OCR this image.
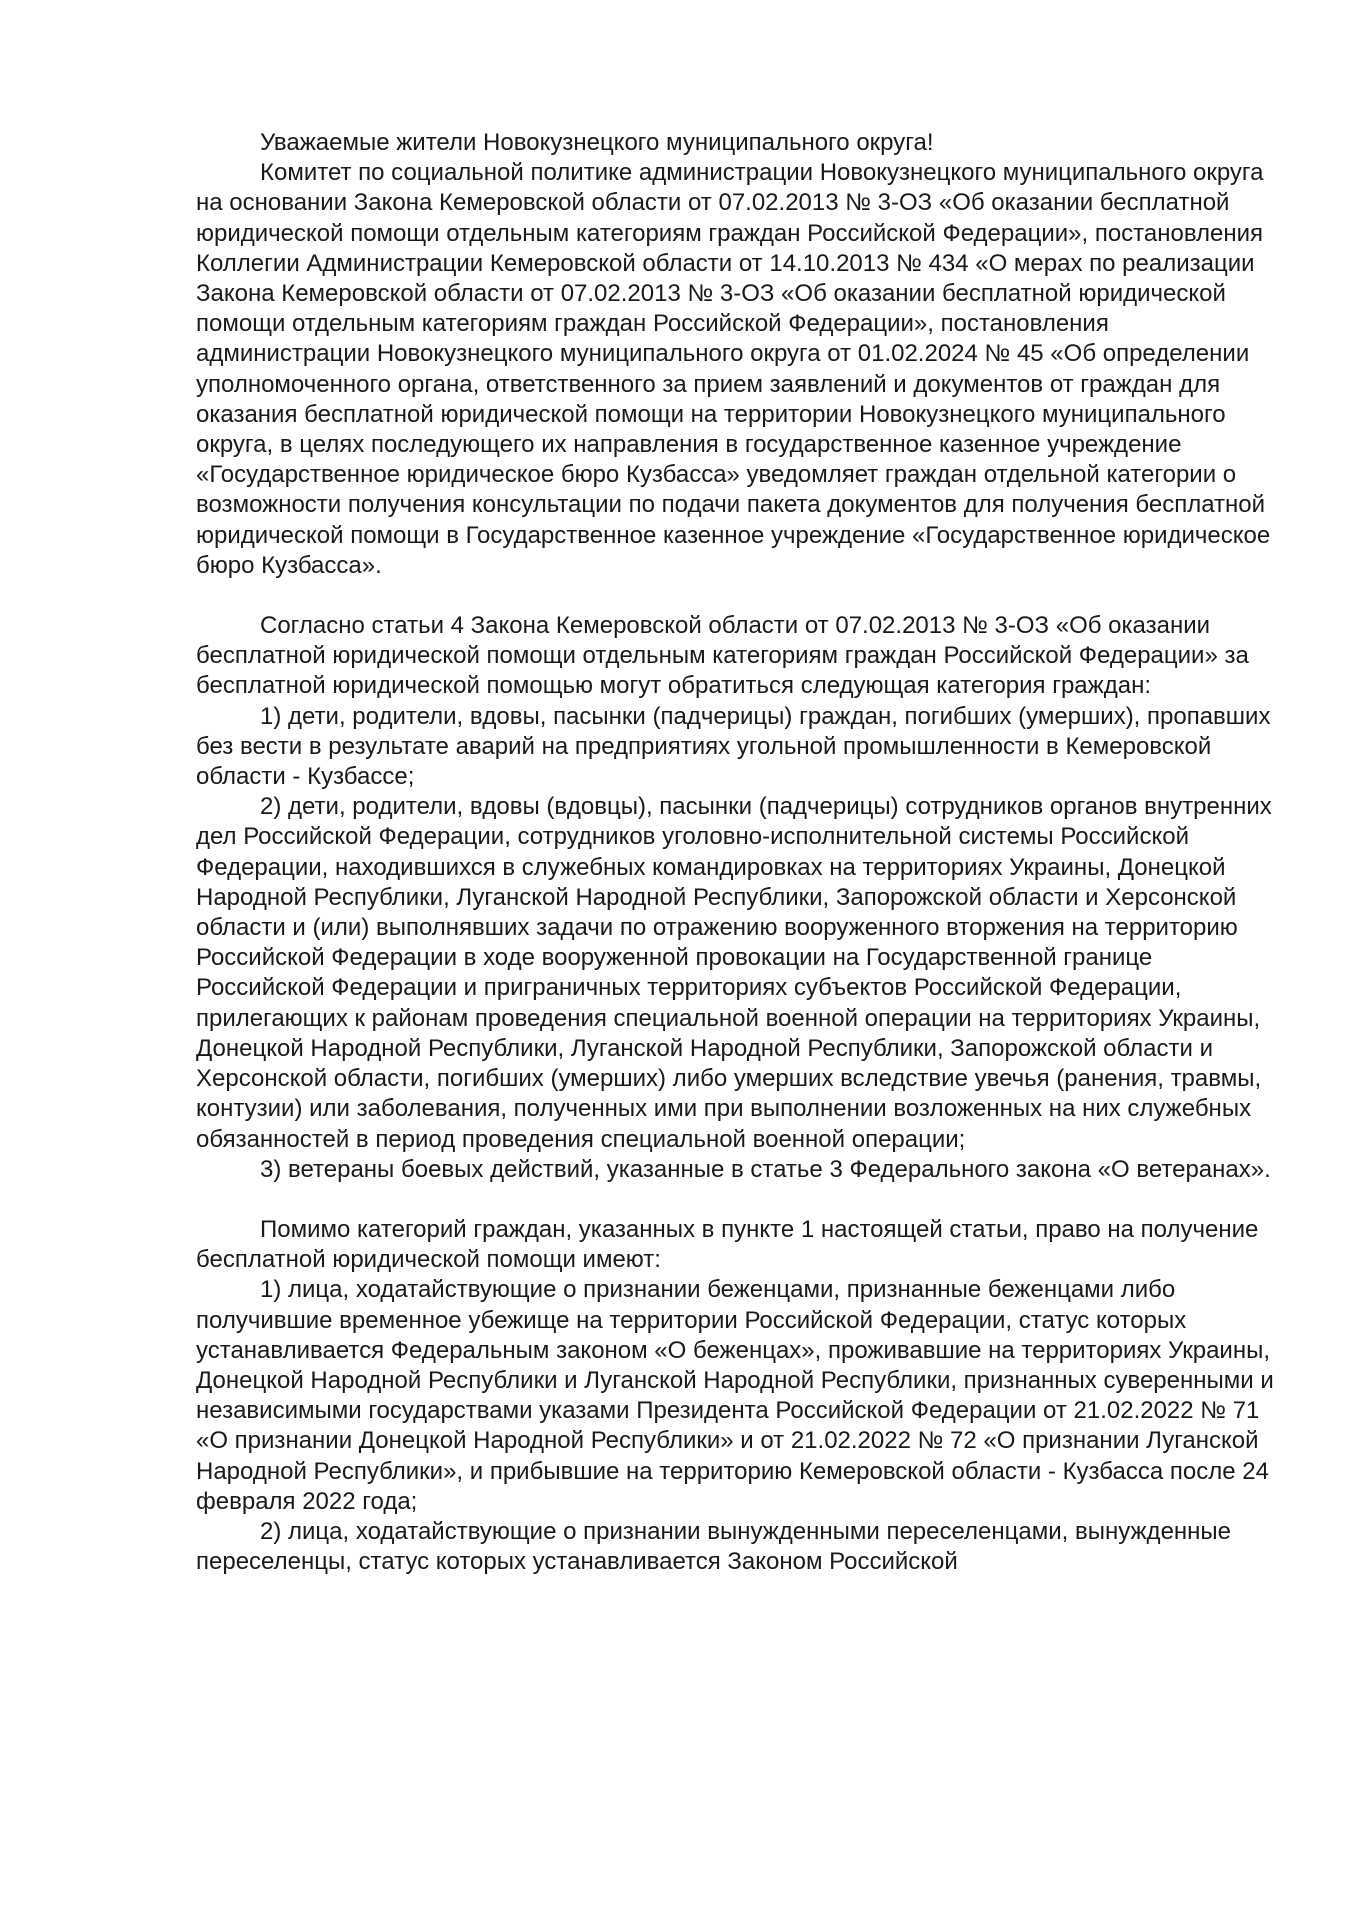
Уважаемые жители Новокузнецкого муниципального округа!

Комитет по социальной политике администрации Новокузнецкого муниципального округа на основании Закона Кемеровской области от 07.02.2013 № 3-ОЗ «Об оказании бесплатной юридической помощи отдельным категориям граждан Российской Федерации», постановления Коллегии Администрации Кемеровской области от 14.10.2013 № 434 «О мерах по реализации Закона Кемеровской области от 07.02.2013 № 3-ОЗ «Об оказании бесплатной юридической помощи отдельным категориям граждан Российской Федерации», постановления администрации Новокузнецкого муниципального округа от 01.02.2024 № 45 «Об определении уполномоченного органа, ответственного за прием заявлений и документов от граждан для оказания бесплатной юридической помощи на территории Новокузнецкого муниципального округа, в целях последующего их направления в государственное казенное учреждение «Государственное юридическое бюро Кузбасса» уведомляет граждан отдельной категории о возможности получения консультации по подачи пакета документов для получения бесплатной юридической помощи в Государственное казенное учреждение «Государственное юридическое бюро Кузбасса».

Согласно статьи 4 Закона Кемеровской области от 07.02.2013 № 3-ОЗ «Об оказании бесплатной юридической помощи отдельным категориям граждан Российской Федерации» за бесплатной юридической помощью могут обратиться следующая категория граждан:

1) дети, родители, вдовы, пасынки (падчерицы) граждан, погибших (умерших), пропавших без вести в результате аварий на предприятиях угольной промышленности в Кемеровской области - Кузбассе;

2) дети, родители, вдовы (вдовцы), пасынки (падчерицы) сотрудников органов внутренних дел Российской Федерации, сотрудников уголовно-исполнительной системы Российской Федерации, находившихся в служебных командировках на территориях Украины, Донецкой Народной Республики, Луганской Народной Республики, Запорожской области и Херсонской области и (или) выполнявших задачи по отражению вооруженного вторжения на территорию Российской Федерации в ходе вооруженной провокации на Государственной границе Российской Федерации и приграничных территориях субъектов Российской Федерации, прилегающих к районам проведения специальной военной операции на территориях Украины, Донецкой Народной Республики, Луганской Народной Республики, Запорожской области и Херсонской области, погибших (умерших) либо умерших вследствие увечья (ранения, травмы, контузии) или заболевания, полученных ими при выполнении возложенных на них служебных обязанностей в период проведения специальной военной операции;

3) ветераны боевых действий, указанные в статье 3 Федерального закона «О ветеранах».

Помимо категорий граждан, указанных в пункте 1 настоящей статьи, право на получение бесплатной юридической помощи имеют:

1) лица, ходатайствующие о признании беженцами, признанные беженцами либо получившие временное убежище на территории Российской Федерации, статус которых устанавливается Федеральным законом «О беженцах», проживавшие на территориях Украины, Донецкой Народной Республики и Луганской Народной Республики, признанных суверенными и независимыми государствами указами Президента Российской Федерации от 21.02.2022 № 71 «О признании Донецкой Народной Республики» и от 21.02.2022 № 72 «О признании Луганской Народной Республики», и прибывшие на территорию Кемеровской области - Кузбасса после 24 февраля 2022 года;

2) лица, ходатайствующие о признании вынужденными переселенцами, вынужденные переселенцы, статус которых устанавливается Законом Российской
